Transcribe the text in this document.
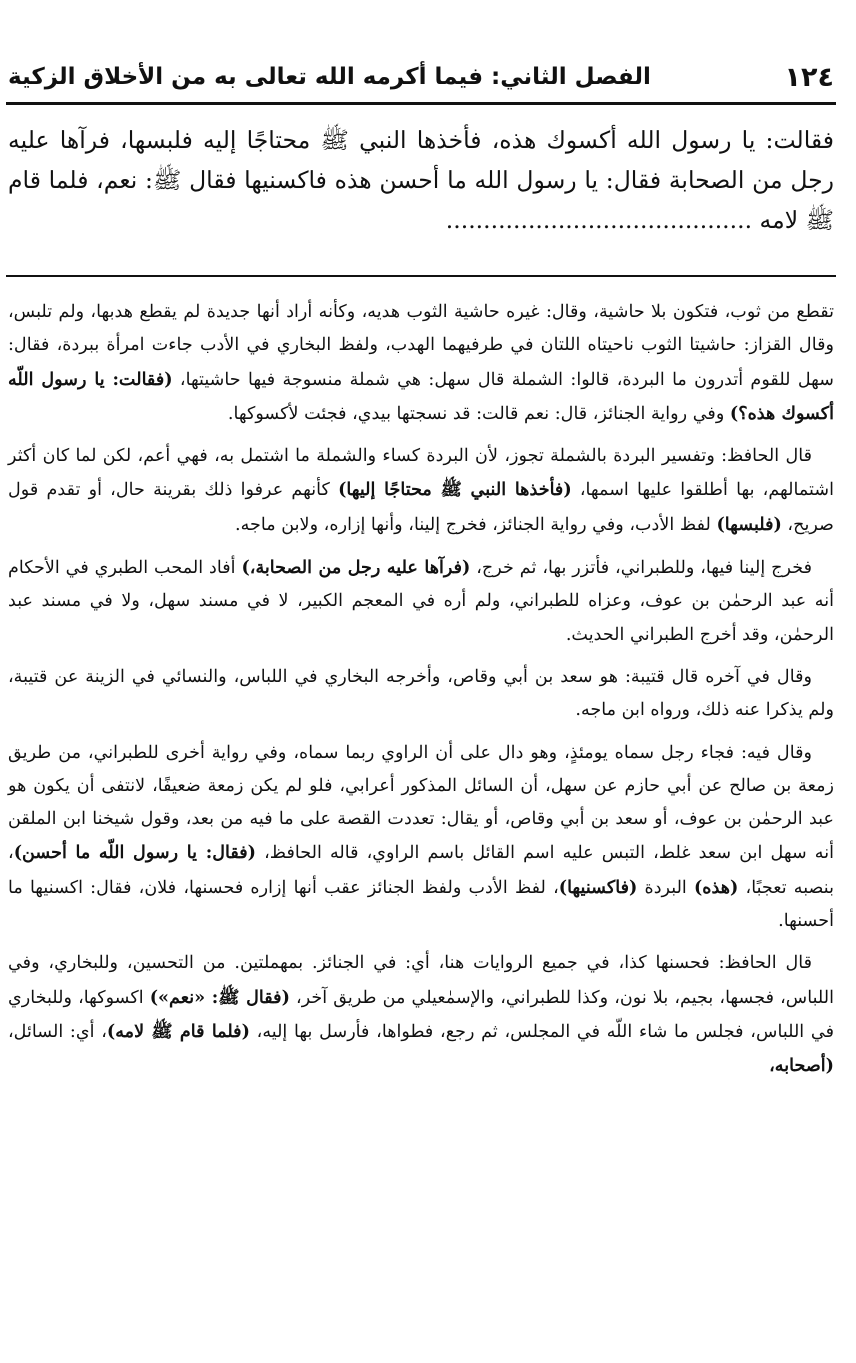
١٢٤
الفصل الثاني: فيما أكرمه الله تعالى به من الأخلاق الزكية
فقالت: يا رسول الله أكسوك هذه، فأخذها النبي ﷺ محتاجًا إليه فلبسها، فرآها عليه رجل من الصحابة فقال: يا رسول الله ما أحسن هذه فاكسنيها فقال ﷺ: نعم، فلما قام ﷺ لامه .........................................

تقطع من ثوب، فتكون بلا حاشية، وقال: غيره حاشية الثوب هديه، وكأنه أراد أنها جديدة لم يقطع هدبها، ولم تلبس، وقال القزاز: حاشيتا الثوب ناحيتاه اللتان في طرفيهما الهدب، ولفظ البخاري في الأدب جاءت امرأة ببردة، فقال: سهل للقوم أتدرون ما البردة، قالوا: الشملة قال سهل: هي شملة منسوجة فيها حاشيتها، (فقالت: يا رسول اللّه أكسوك هذه؟) وفي رواية الجنائز، قال: نعم قالت: قد نسجتها بيدي، فجئت لأكسوكها.

قال الحافظ: وتفسير البردة بالشملة تجوز، لأن البردة كساء والشملة ما اشتمل به، فهي أعم، لكن لما كان أكثر اشتمالهم، بها أطلقوا عليها اسمها، (فأخذها النبي ﷺ محتاجًا إليها) كأنهم عرفوا ذلك بقرينة حال، أو تقدم قول صريح، (فلبسها) لفظ الأدب، وفي رواية الجنائز، فخرج إلينا، وأنها إزاره، ولابن ماجه.

فخرج إلينا فيها، وللطبراني، فأتزر بها، ثم خرج، (فرآها عليه رجل من الصحابة،) أفاد المحب الطبري في الأحكام أنه عبد الرحمٰن بن عوف، وعزاه للطبراني، ولم أره في المعجم الكبير، لا في مسند سهل، ولا في مسند عبد الرحمٰن، وقد أخرج الطبراني الحديث.

وقال في آخره قال قتيبة: هو سعد بن أبي وقاص، وأخرجه البخاري في اللباس، والنسائي في الزينة عن قتيبة، ولم يذكرا عنه ذلك، ورواه ابن ماجه.

وقال فيه: فجاء رجل سماه يومئذٍ، وهو دال على أن الراوي ربما سماه، وفي رواية أخرى للطبراني، من طريق زمعة بن صالح عن أبي حازم عن سهل، أن السائل المذكور أعرابي، فلو لم يكن زمعة ضعيفًا، لانتفى أن يكون هو عبد الرحمٰن بن عوف، أو سعد بن أبي وقاص، أو يقال: تعددت القصة على ما فيه من بعد، وقول شيخنا ابن الملقن أنه سهل ابن سعد غلط، التبس عليه اسم القائل باسم الراوي، قاله الحافظ، (فقال: يا رسول اللّه ما أحسن)، بنصبه تعجبًا، (هذه) البردة (فاكسنيها)، لفظ الأدب ولفظ الجنائز عقب أنها إزاره فحسنها، فلان، فقال: اكسنيها ما أحسنها.

قال الحافظ: فحسنها كذا، في جميع الروايات هنا، أي: في الجنائز. بمهملتين. من التحسين، وللبخاري، وفي اللباس، فجسها، بجيم، بلا نون، وكذا للطبراني، والإسمٰعيلي من طريق آخر، (فقال ﷺ: «نعم») اكسوكها، وللبخاري في اللباس، فجلس ما شاء اللّه في المجلس، ثم رجع، فطواها، فأرسل بها إليه، (فلما قام ﷺ لامه)، أي: السائل، (أصحابه،
